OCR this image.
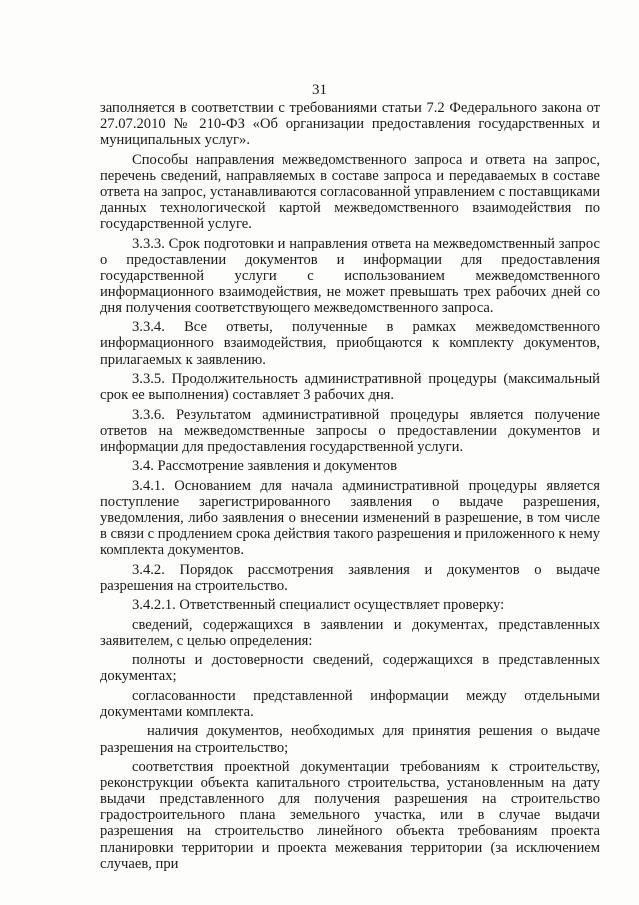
31

заполняется в соответствии с требованиями статьи 7.2 Федерального закона от 27.07.2010 № 210-ФЗ «Об организации предоставления государственных и муниципальных услуг».

Способы направления межведомственного запроса и ответа на запрос, перечень сведений, направляемых в составе запроса и передаваемых в составе ответа на запрос, устанавливаются согласованной управлением с поставщиками данных технологической картой межведомственного взаимодействия по государственной услуге.

3.3.3. Срок подготовки и направления ответа на межведомственный запрос о предоставлении документов и информации для предоставления государственной услуги с использованием межведомственного информационного взаимодействия, не может превышать трех рабочих дней со дня получения соответствующего межведомственного запроса.

3.3.4. Все ответы, полученные в рамках межведомственного информационного взаимодействия, приобщаются к комплекту документов, прилагаемых к заявлению.

3.3.5. Продолжительность административной процедуры (максимальный срок ее выполнения) составляет 3 рабочих дня.

3.3.6. Результатом административной процедуры является получение ответов на межведомственные запросы о предоставлении документов и информации для предоставления государственной услуги.

3.4. Рассмотрение заявления и документов

3.4.1. Основанием для начала административной процедуры является поступление зарегистрированного заявления о выдаче разрешения, уведомления, либо заявления о внесении изменений в разрешение, в том числе в связи с продлением срока действия такого разрешения и приложенного к нему комплекта документов.

3.4.2. Порядок рассмотрения заявления и документов о выдаче разрешения на строительство.

3.4.2.1. Ответственный специалист осуществляет проверку:

сведений, содержащихся в заявлении и документах, представленных заявителем, с целью определения:

полноты и достоверности сведений, содержащихся в представленных документах;

согласованности представленной информации между отдельными документами комплекта.

наличия документов, необходимых для принятия решения о выдаче разрешения на строительство;

соответствия проектной документации требованиям к строительству, реконструкции объекта капитального строительства, установленным на дату выдачи представленного для получения разрешения на строительство градостроительного плана земельного участка, или в случае выдачи разрешения на строительство линейного объекта требованиям проекта планировки территории и проекта межевания территории (за исключением случаев, при
